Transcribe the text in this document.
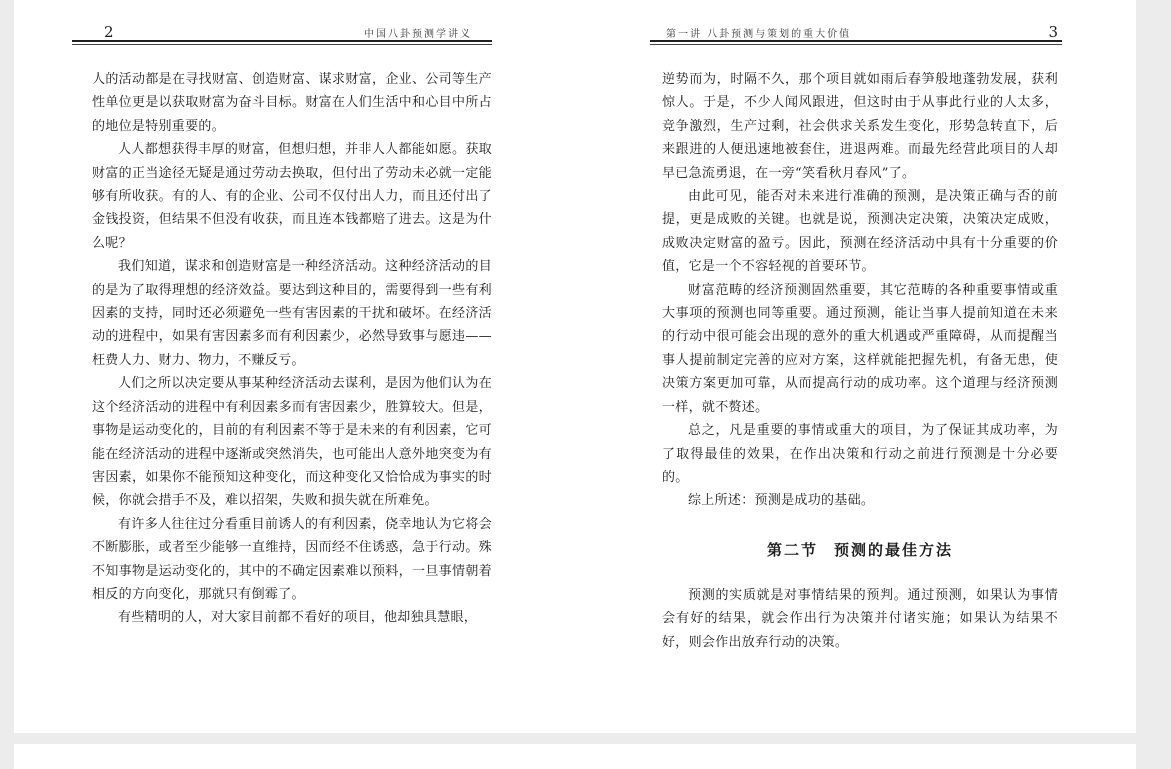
2	中国八卦预测学讲义

人的活动都是在寻找财富、创造财富、谋求财富，企业、公司等生产性单位更是以获取财富为奋斗目标。财富在人们生活中和心目中所占的地位是特别重要的。

人人都想获得丰厚的财富，但想归想，并非人人都能如愿。获取财富的正当途径无疑是通过劳动去换取，但付出了劳动未必就一定能够有所收获。有的人、有的企业、公司不仅付出人力，而且还付出了金钱投资，但结果不但没有收获，而且连本钱都赔了进去。这是为什么呢？

我们知道，谋求和创造财富是一种经济活动。这种经济活动的目的是为了取得理想的经济效益。要达到这种目的，需要得到一些有利因素的支持，同时还必须避免一些有害因素的干扰和破坏。在经济活动的进程中，如果有害因素多而有利因素少，必然导致事与愿违——枉费人力、财力、物力，不赚反亏。

人们之所以决定要从事某种经济活动去谋利，是因为他们认为在这个经济活动的进程中有利因素多而有害因素少，胜算较大。但是，事物是运动变化的，目前的有利因素不等于是未来的有利因素，它可能在经济活动的进程中逐渐或突然消失，也可能出人意外地突变为有害因素，如果你不能预知这种变化，而这种变化又恰恰成为事实的时候，你就会措手不及，难以招架，失败和损失就在所难免。

有许多人往往过分看重目前诱人的有利因素，侥幸地认为它将会不断膨胀，或者至少能够一直维持，因而经不住诱惑，急于行动。殊不知事物是运动变化的，其中的不确定因素难以预料，一旦事情朝着相反的方向变化，那就只有倒霉了。

有些精明的人，对大家目前都不看好的项目，他却独具慧眼，

第一讲 八卦预测与策划的重大价值	3

逆势而为，时隔不久，那个项目就如雨后春笋般地蓬勃发展，获利惊人。于是，不少人闻风跟进，但这时由于从事此行业的人太多，竞争激烈，生产过剩，社会供求关系发生变化，形势急转直下，后来跟进的人便迅速地被套住，进退两难。而最先经营此项目的人却早已急流勇退，在一旁“笑看秋月春风”了。

由此可见，能否对未来进行准确的预测，是决策正确与否的前提，更是成败的关键。也就是说，预测决定决策，决策决定成败，成败决定财富的盈亏。因此，预测在经济活动中具有十分重要的价值，它是一个不容轻视的首要环节。

财富范畴的经济预测固然重要，其它范畴的各种重要事情或重大事项的预测也同等重要。通过预测，能让当事人提前知道在未来的行动中很可能会出现的意外的重大机遇或严重障碍，从而提醒当事人提前制定完善的应对方案，这样就能把握先机，有备无患，使决策方案更加可靠，从而提高行动的成功率。这个道理与经济预测一样，就不赘述。

总之，凡是重要的事情或重大的项目，为了保证其成功率，为了取得最佳的效果，在作出决策和行动之前进行预测是十分必要的。

综上所述：预测是成功的基础。

第二节 预测的最佳方法

预测的实质就是对事情结果的预判。通过预测，如果认为事情会有好的结果，就会作出行为决策并付诸实施；如果认为结果不好，则会作出放弃行动的决策。
